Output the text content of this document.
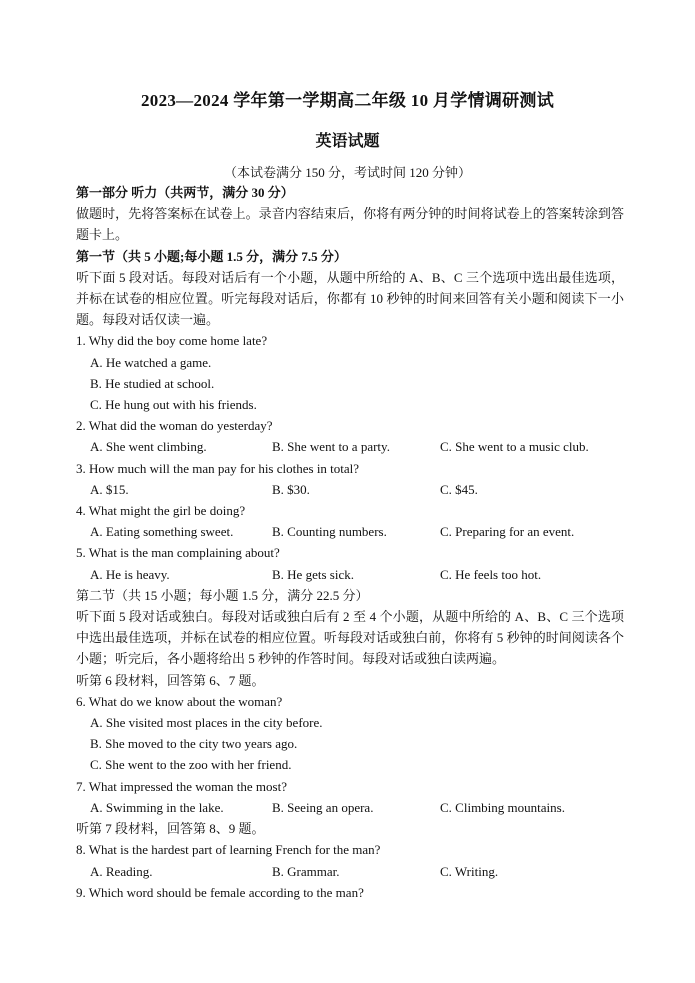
2023—2024 学年第一学期高二年级 10 月学情调研测试
英语试题
（本试卷满分 150 分，考试时间 120 分钟）
第一部分 听力（共两节，满分 30 分）
做题时，先将答案标在试卷上。录音内容结束后，你将有两分钟的时间将试卷上的答案转涂到答题卡上。
第一节（共 5 小题;每小题 1.5 分，满分 7.5 分）
听下面 5 段对话。每段对话后有一个小题，从题中所给的 A、B、C 三个选项中选出最佳选项，并标在试卷的相应位置。听完每段对话后，你都有 10 秒钟的时间来回答有关小题和阅读下一小题。每段对话仅读一遍。
1. Why did the boy come home late?
A. He watched a game.
B. He studied at school.
C. He hung out with his friends.
2. What did the woman do yesterday?
A. She went climbing.	B. She went to a party.	C. She went to a music club.
3. How much will the man pay for his clothes in total?
A. $15.	B. $30.	C. $45.
4. What might the girl be doing?
A. Eating something sweet.	B. Counting numbers.	C. Preparing for an event.
5. What is the man complaining about?
A. He is heavy.	B. He gets sick.	C. He feels too hot.
第二节（共 15 小题；每小题 1.5 分，满分 22.5 分）
听下面 5 段对话或独白。每段对话或独白后有 2 至 4 个小题，从题中所给的 A、B、C 三个选项中选出最佳选项，并标在试卷的相应位置。听每段对话或独白前，你将有 5 秒钟的时间阅读各个小题；听完后，各小题将给出 5 秒钟的作答时间。每段对话或独白读两遍。
听第 6 段材料，回答第 6、7 题。
6. What do we know about the woman?
A. She visited most places in the city before.
B. She moved to the city two years ago.
C. She went to the zoo with her friend.
7. What impressed the woman the most?
A. Swimming in the lake.	B. Seeing an opera.	C. Climbing mountains.
听第 7 段材料，回答第 8、9 题。
8. What is the hardest part of learning French for the man?
A. Reading.	B. Grammar.	C. Writing.
9. Which word should be female according to the man?
